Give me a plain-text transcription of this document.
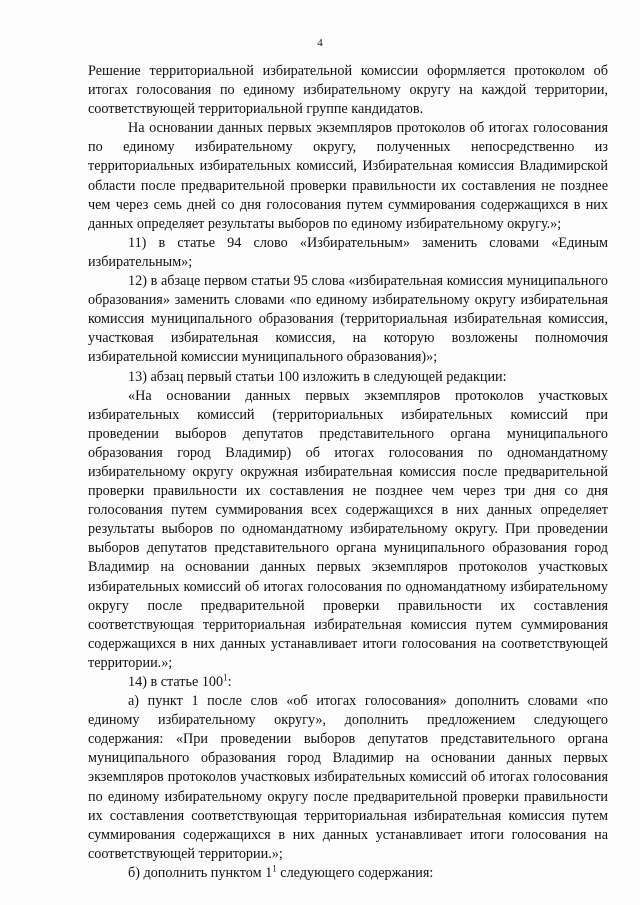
4

Решение территориальной избирательной комиссии оформляется протоколом об итогах голосования по единому избирательному округу на каждой территории, соответствующей территориальной группе кандидатов.

На основании данных первых экземпляров протоколов об итогах голосования по единому избирательному округу, полученных непосредственно из территориальных избирательных комиссий, Избирательная комиссия Владимирской области после предварительной проверки правильности их составления не позднее чем через семь дней со дня голосования путем суммирования содержащихся в них данных определяет результаты выборов по единому избирательному округу.»;

11) в статье 94 слово «Избирательным» заменить словами «Единым избирательным»;

12) в абзаце первом статьи 95 слова «избирательная комиссия муниципального образования» заменить словами «по единому избирательному округу избирательная комиссия муниципального образования (территориальная избирательная комиссия, участковая избирательная комиссия, на которую возложены полномочия избирательной комиссии муниципального образования)»;

13) абзац первый статьи 100 изложить в следующей редакции:

«На основании данных первых экземпляров протоколов участковых избирательных комиссий (территориальных избирательных комиссий при проведении выборов депутатов представительного органа муниципального образования город Владимир) об итогах голосования по одномандатному избирательному округу окружная избирательная комиссия после предварительной проверки правильности их составления не позднее чем через три дня со дня голосования путем суммирования всех содержащихся в них данных определяет результаты выборов по одномандатному избирательному округу. При проведении выборов депутатов представительного органа муниципального образования город Владимир на основании данных первых экземпляров протоколов участковых избирательных комиссий об итогах голосования по одномандатному избирательному округу после предварительной проверки правильности их составления соответствующая территориальная избирательная комиссия путем суммирования содержащихся в них данных устанавливает итоги голосования на соответствующей территории.»;

14) в статье $100^1$:

а) пункт 1 после слов «об итогах голосования» дополнить словами «по единому избирательному округу», дополнить предложением следующего содержания: «При проведении выборов депутатов представительного органа муниципального образования город Владимир на основании данных первых экземпляров протоколов участковых избирательных комиссий об итогах голосования по единому избирательному округу после предварительной проверки правильности их составления соответствующая территориальная избирательная комиссия путем суммирования содержащихся в них данных устанавливает итоги голосования на соответствующей территории.»;

б) дополнить пунктом $1^1$ следующего содержания:
